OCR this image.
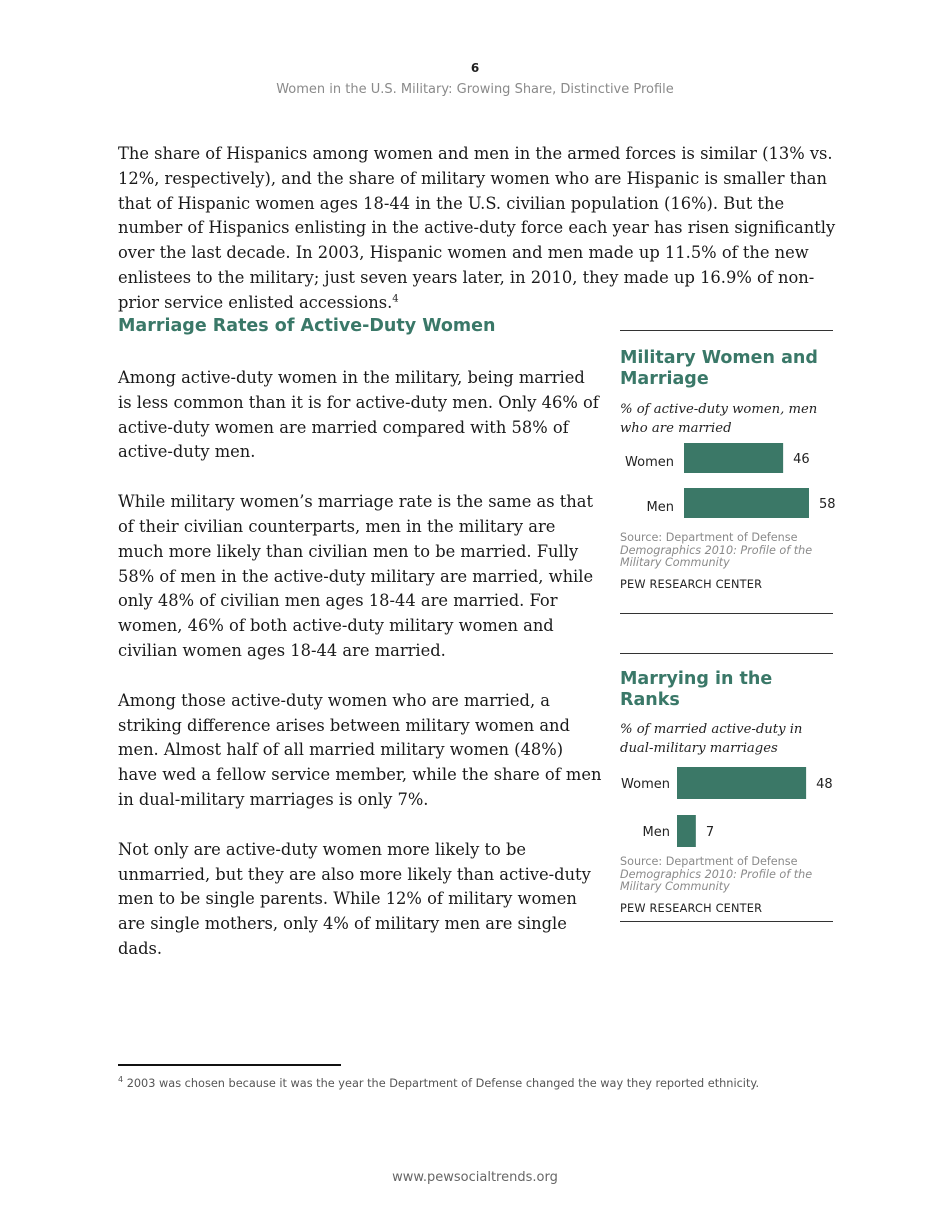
6
Women in the U.S. Military: Growing Share, Distinctive Profile

The share of Hispanics among women and men in the armed forces is similar (13% vs. 12%, respectively), and the share of military women who are Hispanic is smaller than that of Hispanic women ages 18-44 in the U.S. civilian population (16%). But the number of Hispanics enlisting in the active-duty force each year has risen significantly over the last decade. In 2003, Hispanic women and men made up 11.5% of the new enlistees to the military; just seven years later, in 2010, they made up 16.9% of non-prior service enlisted accessions.$^4$

Marriage Rates of Active-Duty Women

Among active-duty women in the military, being married is less common than it is for active-duty men. Only 46% of active-duty women are married compared with 58% of active-duty men.

While military women’s marriage rate is the same as that of their civilian counterparts, men in the military are much more likely than civilian men to be married. Fully 58% of men in the active-duty military are married, while only 48% of civilian men ages 18-44 are married. For women, 46% of both active-duty military women and civilian women ages 18-44 are married.

Among those active-duty women who are married, a striking difference arises between military women and men. Almost half of all married military women (48%) have wed a fellow service member, while the share of men in dual-military marriages is only 7%.

Not only are active-duty women more likely to be unmarried, but they are also more likely than active-duty men to be single parents. While 12% of military women are single mothers, only 4% of military men are single dads.

Military Women and Marriage

% of active-duty women, men who are married

Women	46
Men	58

Source: Department of Defense
Demographics 2010: Profile of the Military Community

PEW RESEARCH CENTER

Marrying in the Ranks

% of married active-duty in dual-military marriages

Women	48
Men	7

Source: Department of Defense
Demographics 2010: Profile of the Military Community

PEW RESEARCH CENTER

$^4$ 2003 was chosen because it was the year the Department of Defense changed the way they reported ethnicity.

www.pewsocialtrends.org
